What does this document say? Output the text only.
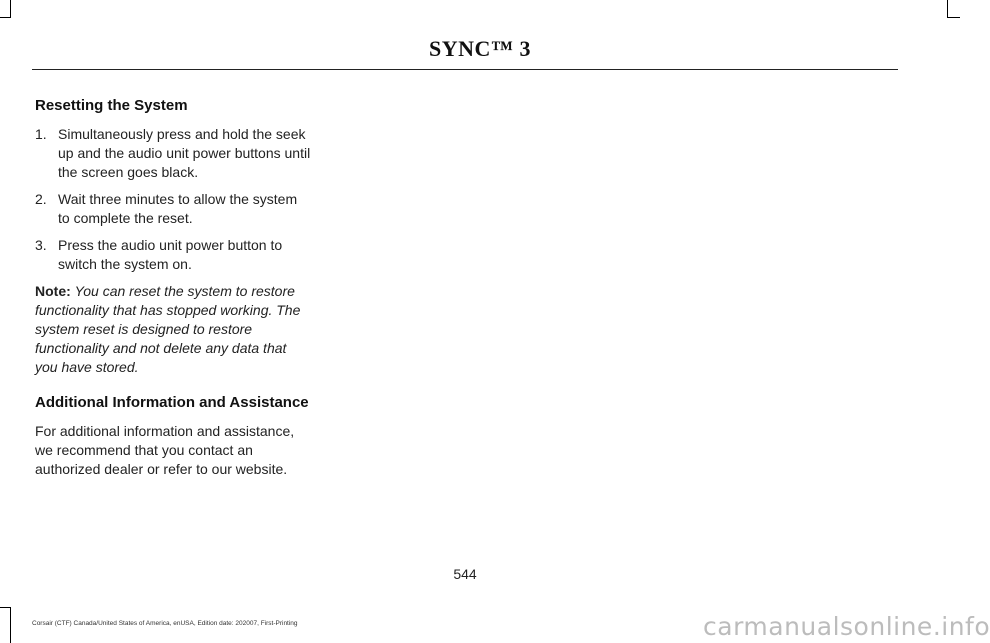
SYNC™ 3
Resetting the System
1. Simultaneously press and hold the seek up and the audio unit power buttons until the screen goes black.
2. Wait three minutes to allow the system to complete the reset.
3. Press the audio unit power button to switch the system on.

Note: You can reset the system to restore functionality that has stopped working. The system reset is designed to restore functionality and not delete any data that you have stored.

Additional Information and Assistance

For additional information and assistance, we recommend that you contact an authorized dealer or refer to our website.

544
Corsair (CTF) Canada/United States of America, enUSA, Edition date: 202007, First-Printing	carmanualsonline.info
